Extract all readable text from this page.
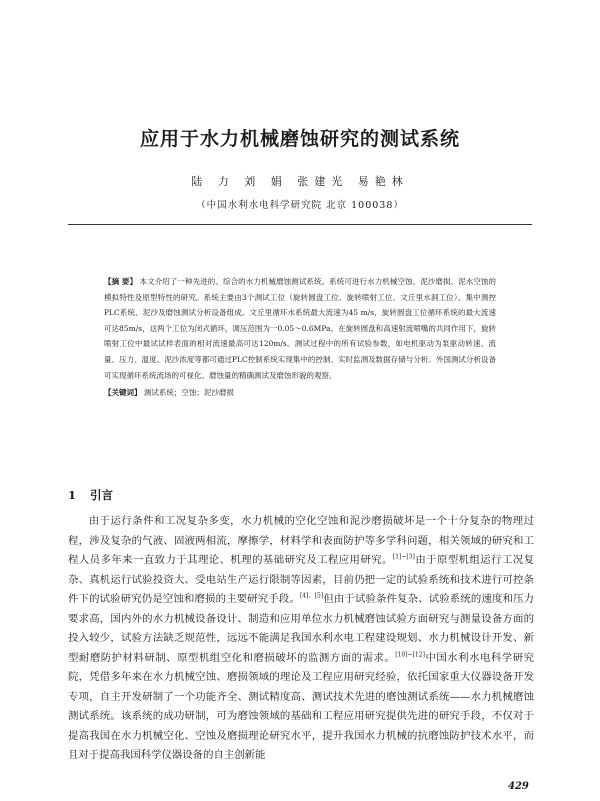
应用于水力机械磨蚀研究的测试系统
陆 力 刘 娟 张建光 易艳林
（中国水利水电科学研究院 北京 100038）
【摘 要】 本文介绍了一种先进的、综合的水力机械磨蚀测试系统。系统可进行水力机械空蚀、泥沙磨损、泥水空蚀的模拟特性及原型特性的研究。系统主要由3个测试工位（旋转圆盘工位、旋转喷射工位、文丘里水洞工位）、集中测控PLC系统、泥沙及磨蚀测试分析设备组成。文丘里循环水系统最大流速为45 m/s，旋转圆盘工位循环系统的最大流速可达85m/s，这两个工位为闭式循环，调压范围为一0.05～0.6MPa。在旋转圆盘和高速射流喷嘴的共同作用下，旋转喷射工位中最试试样表面的相对流速最高可达120m/s。测试过程中的所有试验参数，如电机驱动为泵驱动转速、流量、压力、温度、泥沙浓度等都可通过PLC控制系统实现集中的控制、实时监测及数据存储与分析。外国测试分析设备可实现循环系统流场的可视化、磨蚀量的精确测试及磨蚀形貌的观察。
【关键词】 测试系统；空蚀；泥沙磨损
1 引言
由于运行条件和工况复杂多变，水力机械的空化空蚀和泥沙磨损破坏是一个十分复杂的物理过程，涉及复杂的气液、固液两相流，摩擦学，材料学和表面防护等多学科问题，相关领域的研究和工程人员多年来一直致力于其理论、机理的基础研究及工程应用研究。[1]~[3]由于原型机组运行工况复杂、真机运行试验投资大、受电站生产运行限制等因素，目前仍把一定的试验系统和技术进行可控条件下的试验研究仍是空蚀和磨损的主要研究手段。[4]、[5]但由于试验条件复杂、试验系统的速度和压力要求高，国内外的水力机械设备设计、制造和应用单位水力机械磨蚀试验方面研究与测量设备方面的投入较少，试验方法缺乏规范性，远远不能满足我国水利水电工程建设规划、水力机械设计开发、新型耐磨防护材料研制、原型机组空化和磨损破坏的监测方面的需求。[10]~[12]中国水利水电科学研究院，凭借多年来在水力机械空蚀、磨损领域的理论及工程应用研究经验，依托国家重大仪器设备开发专项，自主开发研制了一个功能齐全、测试精度高、测试技术先进的磨蚀测试系统——水力机械磨蚀测试系统。该系统的成功研制，可为磨蚀领域的基础和工程应用研究提供先进的研究手段，不仅对于提高我国在水力机械空化、空蚀及磨损理论研究水平，提升我国水力机械的抗磨蚀防护技术水平，而且对于提高我国科学仪器设备的自主创新能
429
